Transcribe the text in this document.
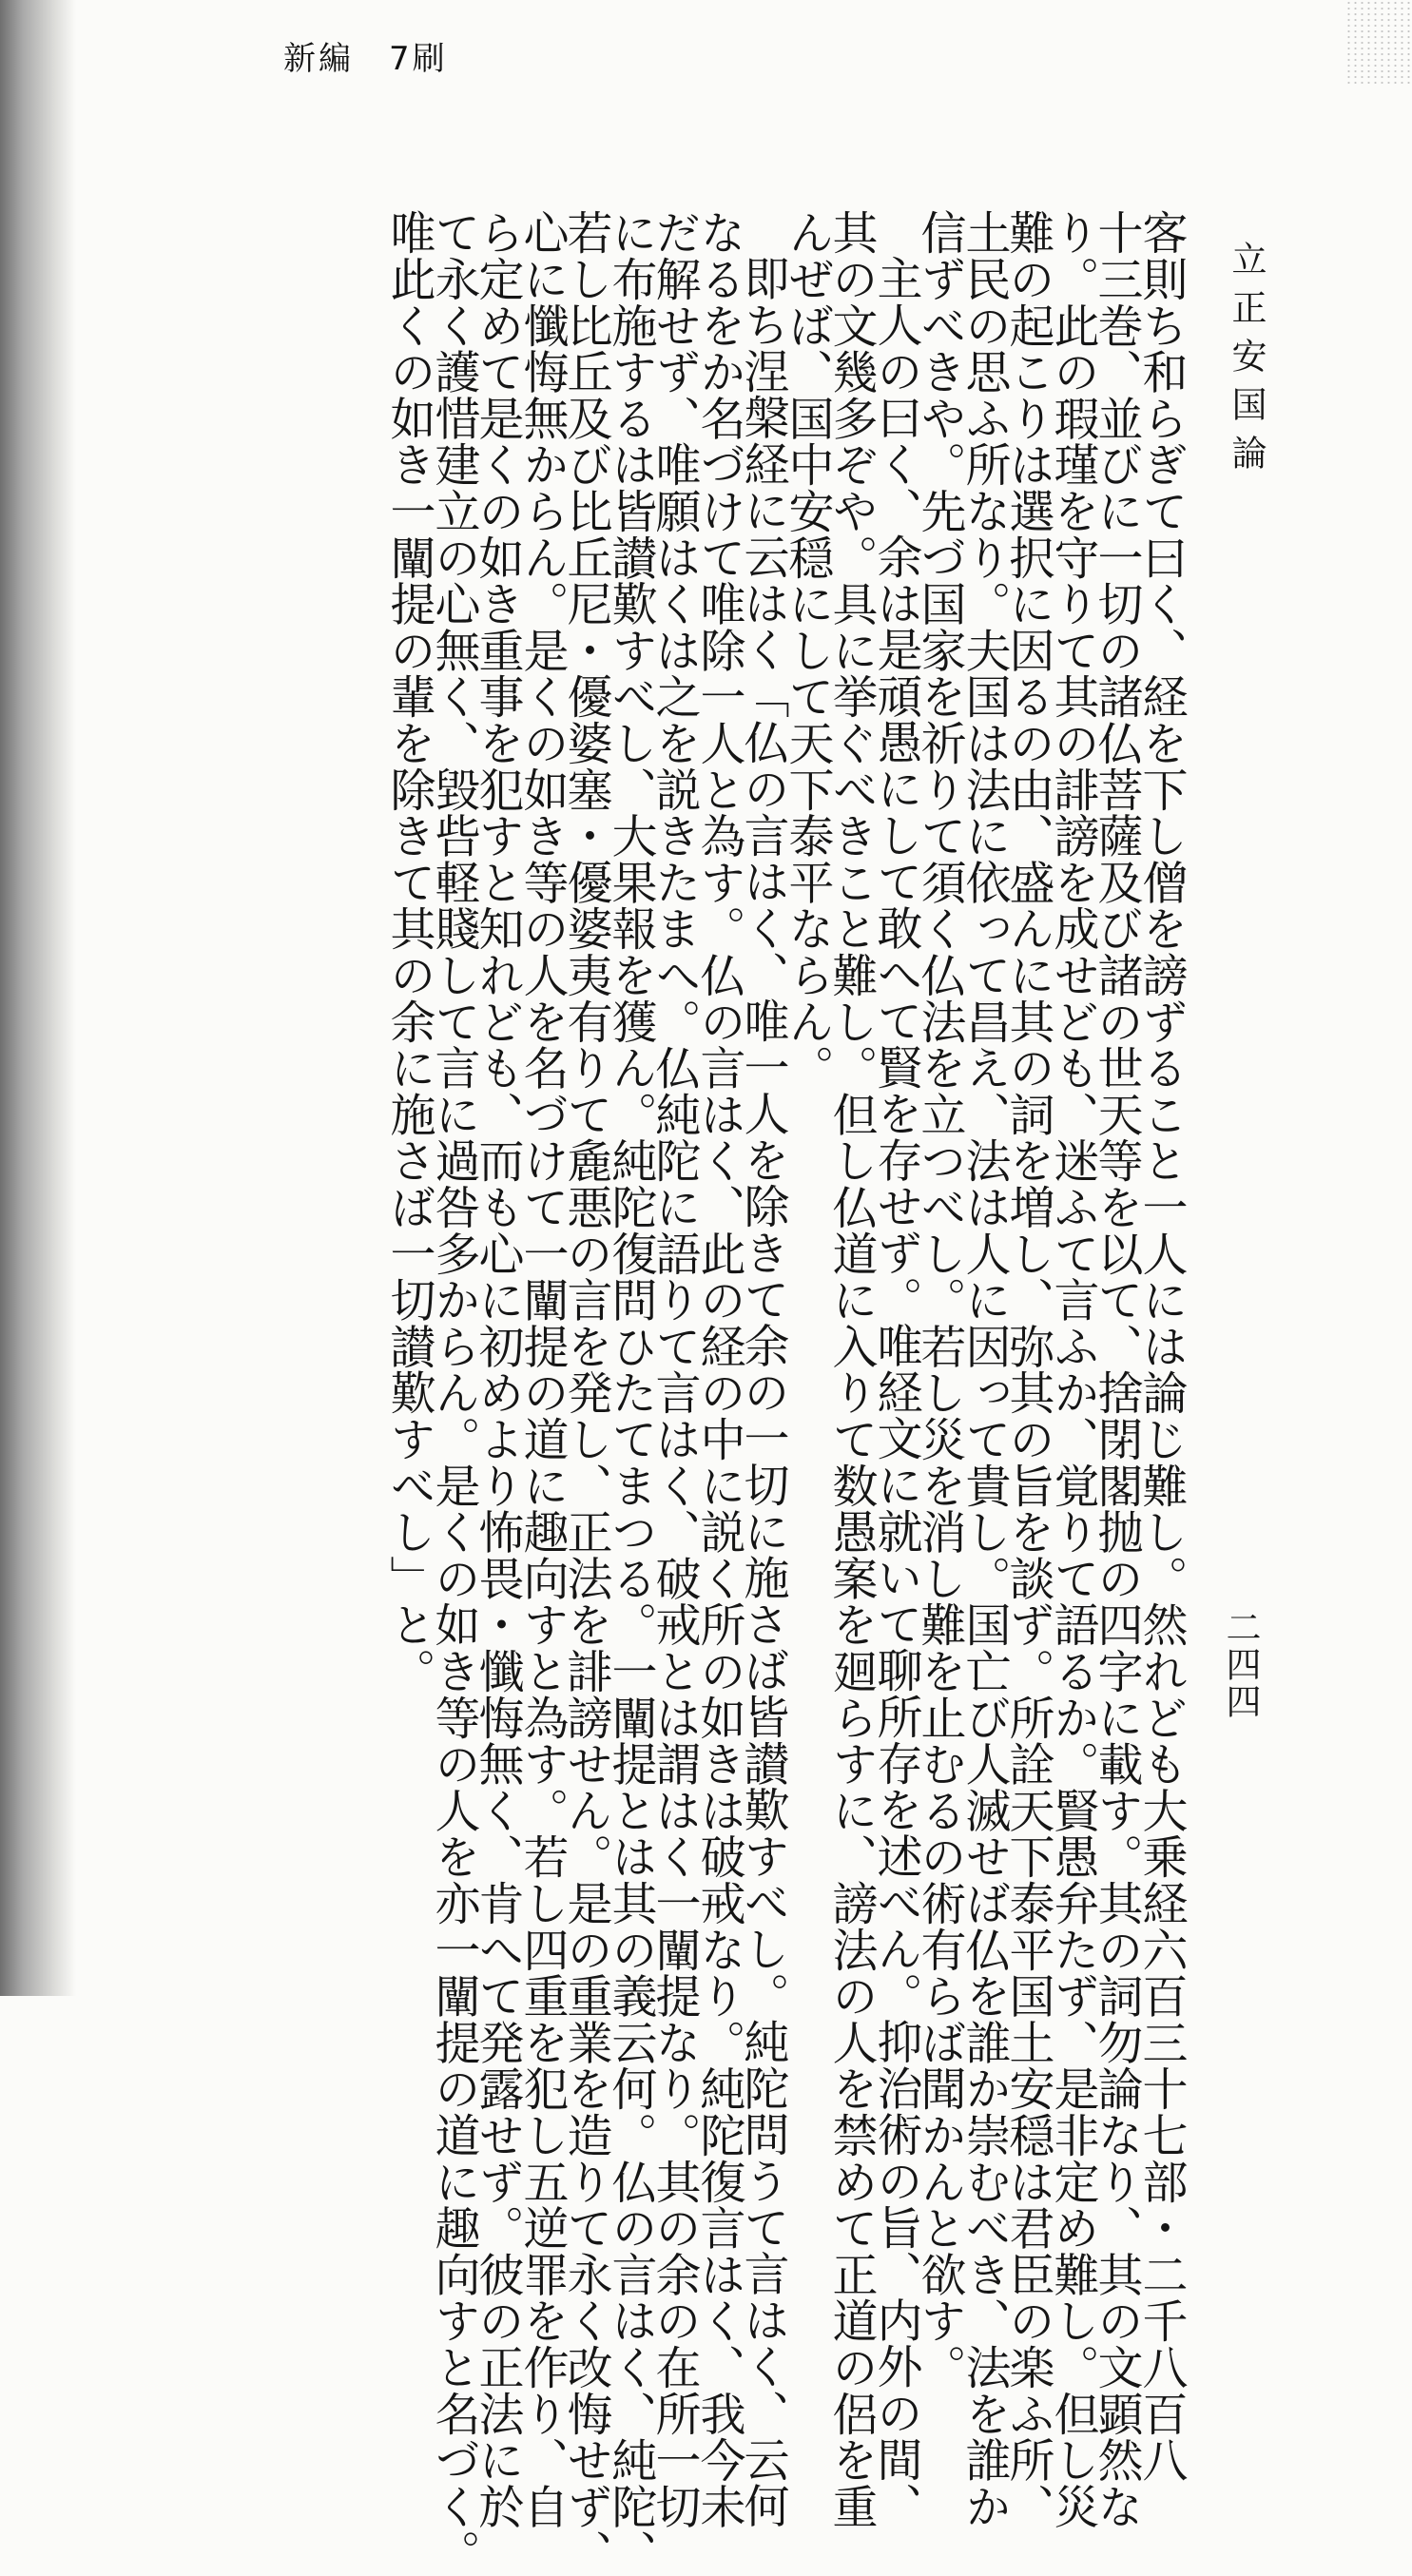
新編　7刷
立正安国論
二四四
客則ち和らぎて曰く、経を下し僧を謗ずること一人には論じ難し。然れども大乗経六百三十七部・二千八百八
十三巻、並びに一切の諸仏菩薩及び諸の世天等を以て、捨閉閣抛の四字に載す。其の詞勿論なり、其の文顕然な
り。此の瑕瑾を守りて其の誹謗を成せども、迷ふて言ふか、覚りて語るか。賢愚弁たず、是非定め難し。但し災
難の起こりは選択に因るの由、盛んに其の詞を増し、弥其の旨を談ず。所詮天下泰平国土安穏は君臣の楽ふ所、
土民の思ふ所なり。夫国は法に依って昌え、法は人に因って貴し。国亡び人滅せば仏を誰か崇むべき、法を誰か
信ずべきや。先づ国家を祈りて須く仏法を立つべし。若し災を消し難を止むるの術有らば聞かんと欲す。
主人の曰く、余は是頑愚にして敢へて賢を存せず。唯経文に就いて聊所存を述べん。抑治術の旨、内外の間、
其の文幾多ぞや。具に挙ぐべきこと難し。但し仏道に入りて数愚案を廻らすに、謗法の人を禁めて正道の侶を重
んぜば、国中安穏にして天下泰平ならん。
即ち涅槃経に云はく「仏の言はく、唯一人を除きて余の一切に施さば皆讃歎すべし。純陀問うて言はく、云何
なるをか名づけて唯除一人と為す。仏の言はく、此の経の中に説く所の如きは破戒なり。純陀復言はく、我今未
だ解せず、唯願はくは之を説きたまへ。仏純陀に語りて言はく、破戒とは謂はく一闡提なり。其の余の在所一切
に布施するは皆讃歎すべし、大果報を獲ん。純陀復問ひたてまつる。一闡提とは其の義云何。仏の言はく、純陀、
若し比丘及び比丘尼・優婆塞・優婆夷有りて麁悪の言を発し、正法を誹謗せん。是の重業を造りて永く改悔せず、
心に懺悔無からん。是くの如き等の人を名づけて一闡提の道に趣向すと為す。若し四重を犯し五逆罪を作り、自
ら定めて是くの如き重事を犯すと知れども、而も心に初めより怖畏・懺悔無く、肯へて発露せず。彼の正法に於
て永く護惜建立の心無く、毀呰軽賤して言に過咎多からん。是くの如き等の人を亦一闡提の道に趣向すと名づく。
唯此くの如き一闡提の輩を除きて其の余に施さば一切讃歎すべし」と。
